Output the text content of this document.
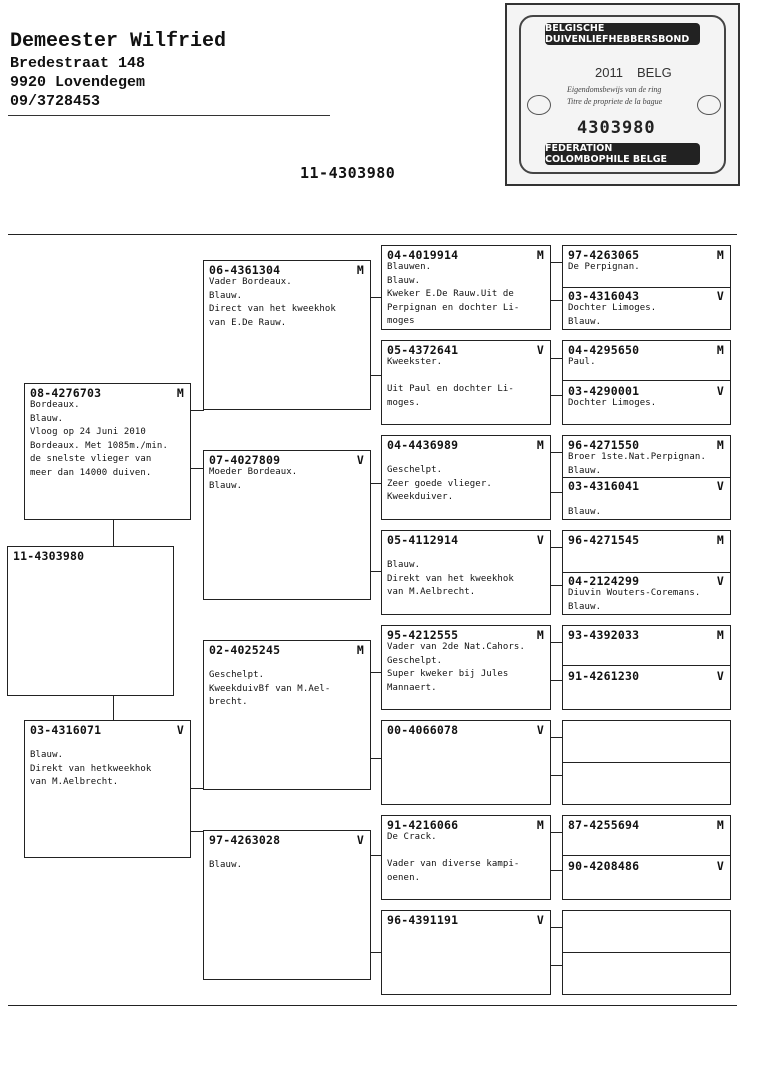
Demeester Wilfried
Bredestraat 148
9920 Lovendegem
09/3728453
BELGISCHE DUIVENLIEFHEBBERSBOND
2011 BELG
Eigendomsbewijs van de ring
Titre de propriete de la bague
4303980
FEDERATION COLOMBOPHILE BELGE
11-4303980
11-4303980
08-4276703	M
Bordeaux.
Blauw.
Vloog op 24 Juni 2010
Bordeaux. Met 1085m./min.
de snelste vlieger van
meer dan 14000 duiven.
03-4316071	V
Blauw.
Direkt van hetkweekhok
van M.Aelbrecht.
06-4361304	M
Vader Bordeaux.
Blauw.
Direct van het kweekhok
van E.De Rauw.
07-4027809	V
Moeder Bordeaux.
Blauw.
02-4025245	M
Geschelpt.
KweekduivBf van M.Ael-
brecht.
97-4263028	V
Blauw.
04-4019914	M
Blauwen.
Blauw.
Kweker E.De Rauw.Uit de
Perpignan en dochter Li-
moges
05-4372641	V
Kweekster.

Uit Paul en dochter Li-
moges.
04-4436989	M
Geschelpt.
Zeer goede vlieger.
Kweekduiver.
05-4112914	V
Blauw.
Direkt van het kweekhok
van M.Aelbrecht.
95-4212555	M
Vader van 2de Nat.Cahors.
Geschelpt.
Super kweker bij Jules
Mannaert.
00-4066078	V
91-4216066	M
De Crack.

Vader van diverse kampi-
oenen.
96-4391191	V
97-4263065	M
De Perpignan.
03-4316043	V
Dochter Limoges.
Blauw.
04-4295650	M
Paul.
03-4290001	V
Dochter Limoges.
96-4271550	M
Broer 1ste.Nat.Perpignan.
Blauw.
03-4316041	V

Blauw.
96-4271545	M
04-2124299	V
Diuvin Wouters-Coremans.
Blauw.
93-4392033	M
91-4261230	V
87-4255694	M
90-4208486	V
